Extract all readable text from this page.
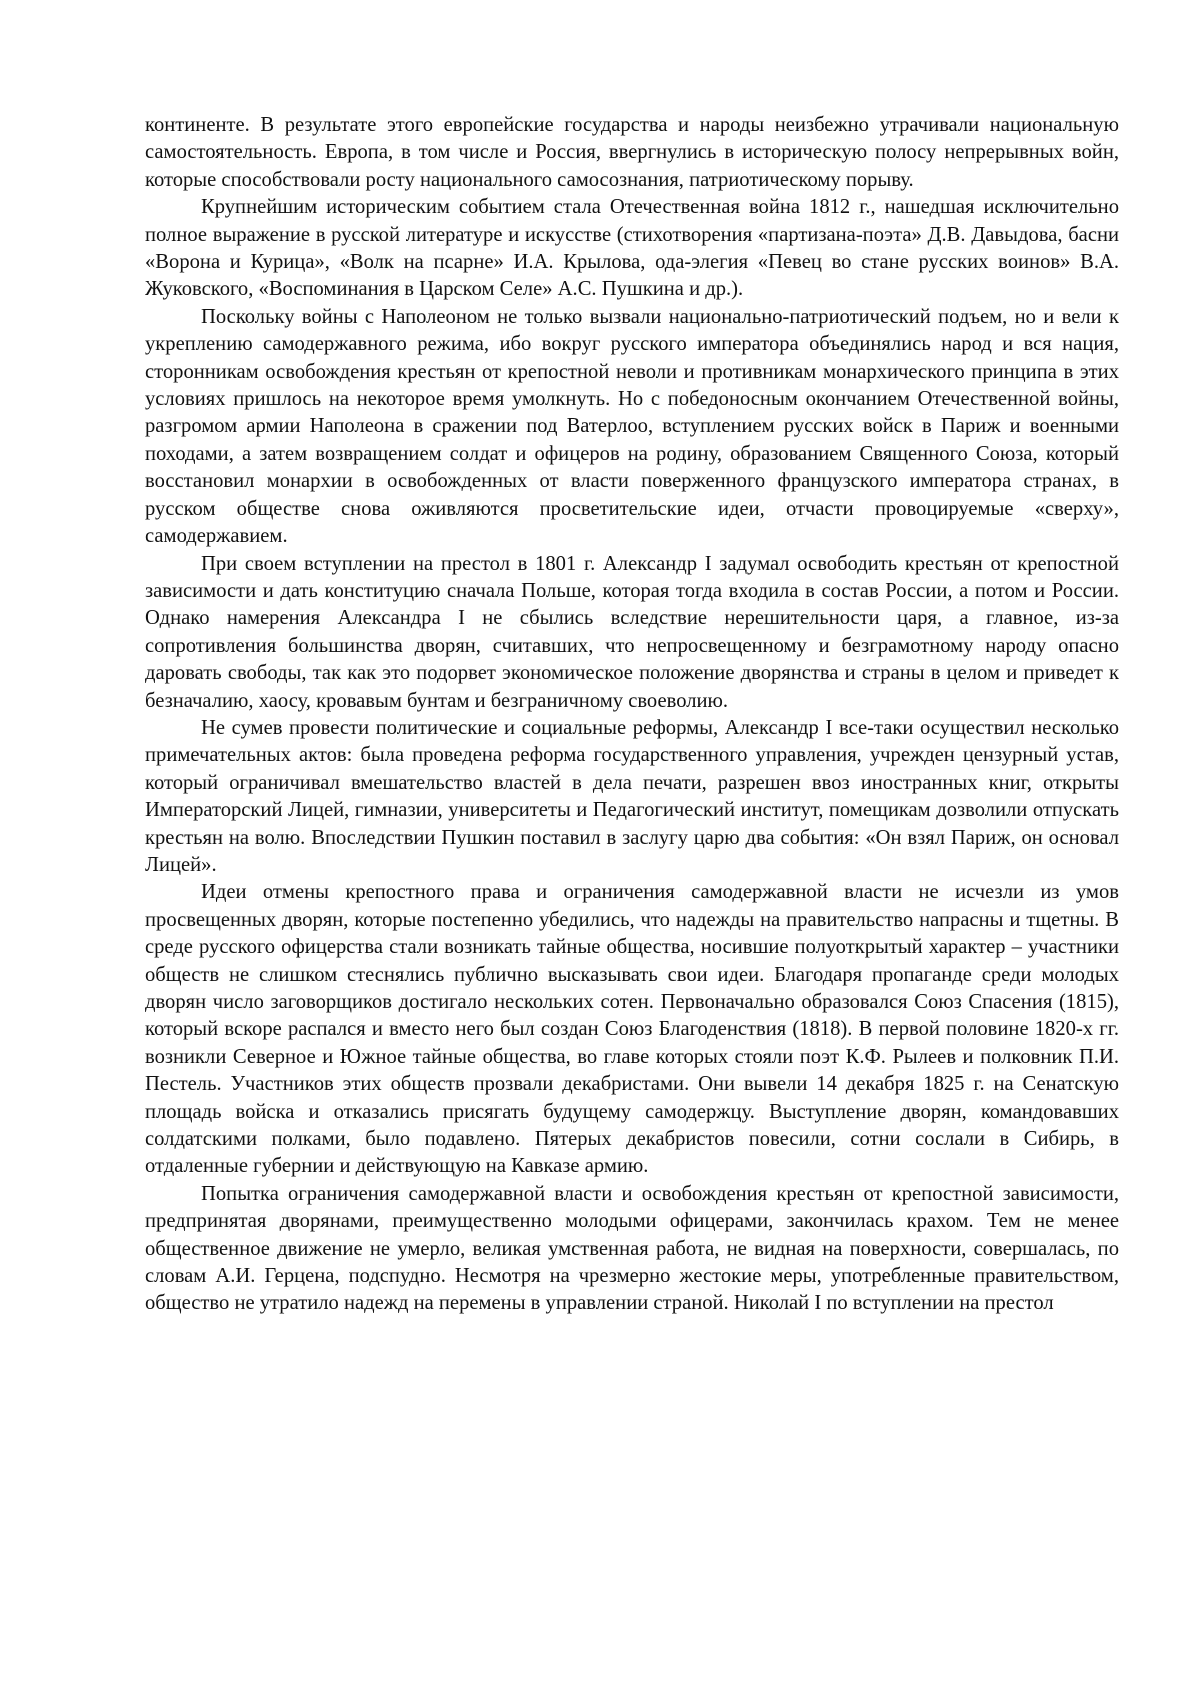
континенте. В результате этого европейские государства и народы неизбежно утрачивали национальную самостоятельность. Европа, в том числе и Россия, ввергнулись в историческую полосу непрерывных войн, которые способствовали росту национального самосознания, патриотическому порыву.

Крупнейшим историческим событием стала Отечественная война 1812 г., нашедшая исключительно полное выражение в русской литературе и искусстве (стихотворения «партизана-поэта» Д.В. Давыдова, басни «Ворона и Курица», «Волк на псарне» И.А. Крылова, ода-элегия «Певец во стане русских воинов» В.А. Жуковского, «Воспоминания в Царском Селе» А.С. Пушкина и др.).

Поскольку войны с Наполеоном не только вызвали национально-патриотический подъем, но и вели к укреплению самодержавного режима, ибо вокруг русского императора объединялись народ и вся нация, сторонникам освобождения крестьян от крепостной неволи и противникам монархического принципа в этих условиях пришлось на некоторое время умолкнуть. Но с победоносным окончанием Отечественной войны, разгромом армии Наполеона в сражении под Ватерлоо, вступлением русских войск в Париж и военными походами, а затем возвращением солдат и офицеров на родину, образованием Священного Союза, который восстановил монархии в освобожденных от власти поверженного французского императора странах, в русском обществе снова оживляются просветительские идеи, отчасти провоцируемые «сверху», самодержавием.

При своем вступлении на престол в 1801 г. Александр I задумал освободить крестьян от крепостной зависимости и дать конституцию сначала Польше, которая тогда входила в состав России, а потом и России. Однако намерения Александра I не сбылись вследствие нерешительности царя, а главное, из-за сопротивления большинства дворян, считавших, что непросвещенному и безграмотному народу опасно даровать свободы, так как это подорвет экономическое положение дворянства и страны в целом и приведет к безначалию, хаосу, кровавым бунтам и безграничному своеволию.

Не сумев провести политические и социальные реформы, Александр I все-таки осуществил несколько примечательных актов: была проведена реформа государственного управления, учрежден цензурный устав, который ограничивал вмешательство властей в дела печати, разрешен ввоз иностранных книг, открыты Императорский Лицей, гимназии, университеты и Педагогический институт, помещикам дозволили отпускать крестьян на волю. Впоследствии Пушкин поставил в заслугу царю два события: «Он взял Париж, он основал Лицей».

Идеи отмены крепостного права и ограничения самодержавной власти не исчезли из умов просвещенных дворян, которые постепенно убедились, что надежды на правительство напрасны и тщетны. В среде русского офицерства стали возникать тайные общества, носившие полуоткрытый характер – участники обществ не слишком стеснялись публично высказывать свои идеи. Благодаря пропаганде среди молодых дворян число заговорщиков достигало нескольких сотен. Первоначально образовался Союз Спасения (1815), который вскоре распался и вместо него был создан Союз Благоденствия (1818). В первой половине 1820-х гг. возникли Северное и Южное тайные общества, во главе которых стояли поэт К.Ф. Рылеев и полковник П.И. Пестель. Участников этих обществ прозвали декабристами. Они вывели 14 декабря 1825 г. на Сенатскую площадь войска и отказались присягать будущему самодержцу. Выступление дворян, командовавших солдатскими полками, было подавлено. Пятерых декабристов повесили, сотни сослали в Сибирь, в отдаленные губернии и действующую на Кавказе армию.

Попытка ограничения самодержавной власти и освобождения крестьян от крепостной зависимости, предпринятая дворянами, преимущественно молодыми офицерами, закончилась крахом. Тем не менее общественное движение не умерло, великая умственная работа, не видная на поверхности, совершалась, по словам А.И. Герцена, подспудно. Несмотря на чрезмерно жестокие меры, употребленные правительством, общество не утратило надежд на перемены в управлении страной. Николай I по вступлении на престол
